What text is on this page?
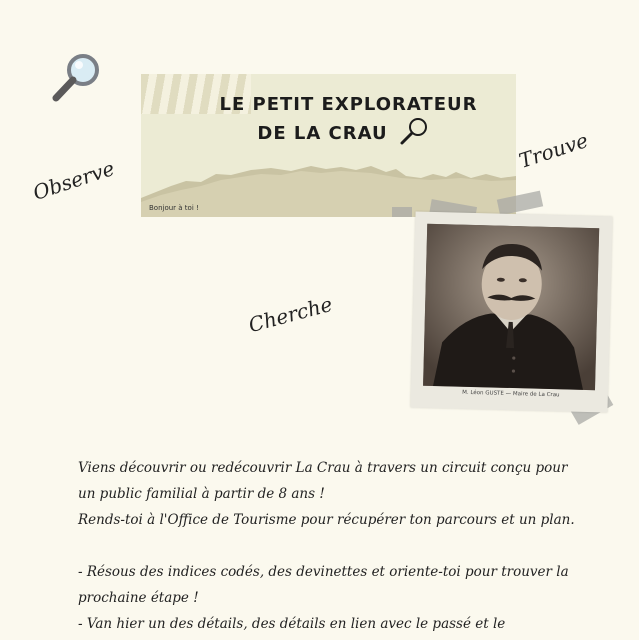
LE PETIT EXPLORATEUR
DE LA CRAU
Bonjour à toi !
Observe
Trouve
Cherche
M. Léon GUSTE — Maire de La Crau

Viens découvrir ou redécouvrir La Crau à travers un circuit conçu pour

un public familial à partir de 8 ans !

Rends-toi à l'Office de Tourisme pour récupérer ton parcours et un plan.

- Résous des indices codés, des devinettes et oriente-toi pour trouver la

prochaine étape !

- Van hier un des détails, des détails en lien avec le passé et le
